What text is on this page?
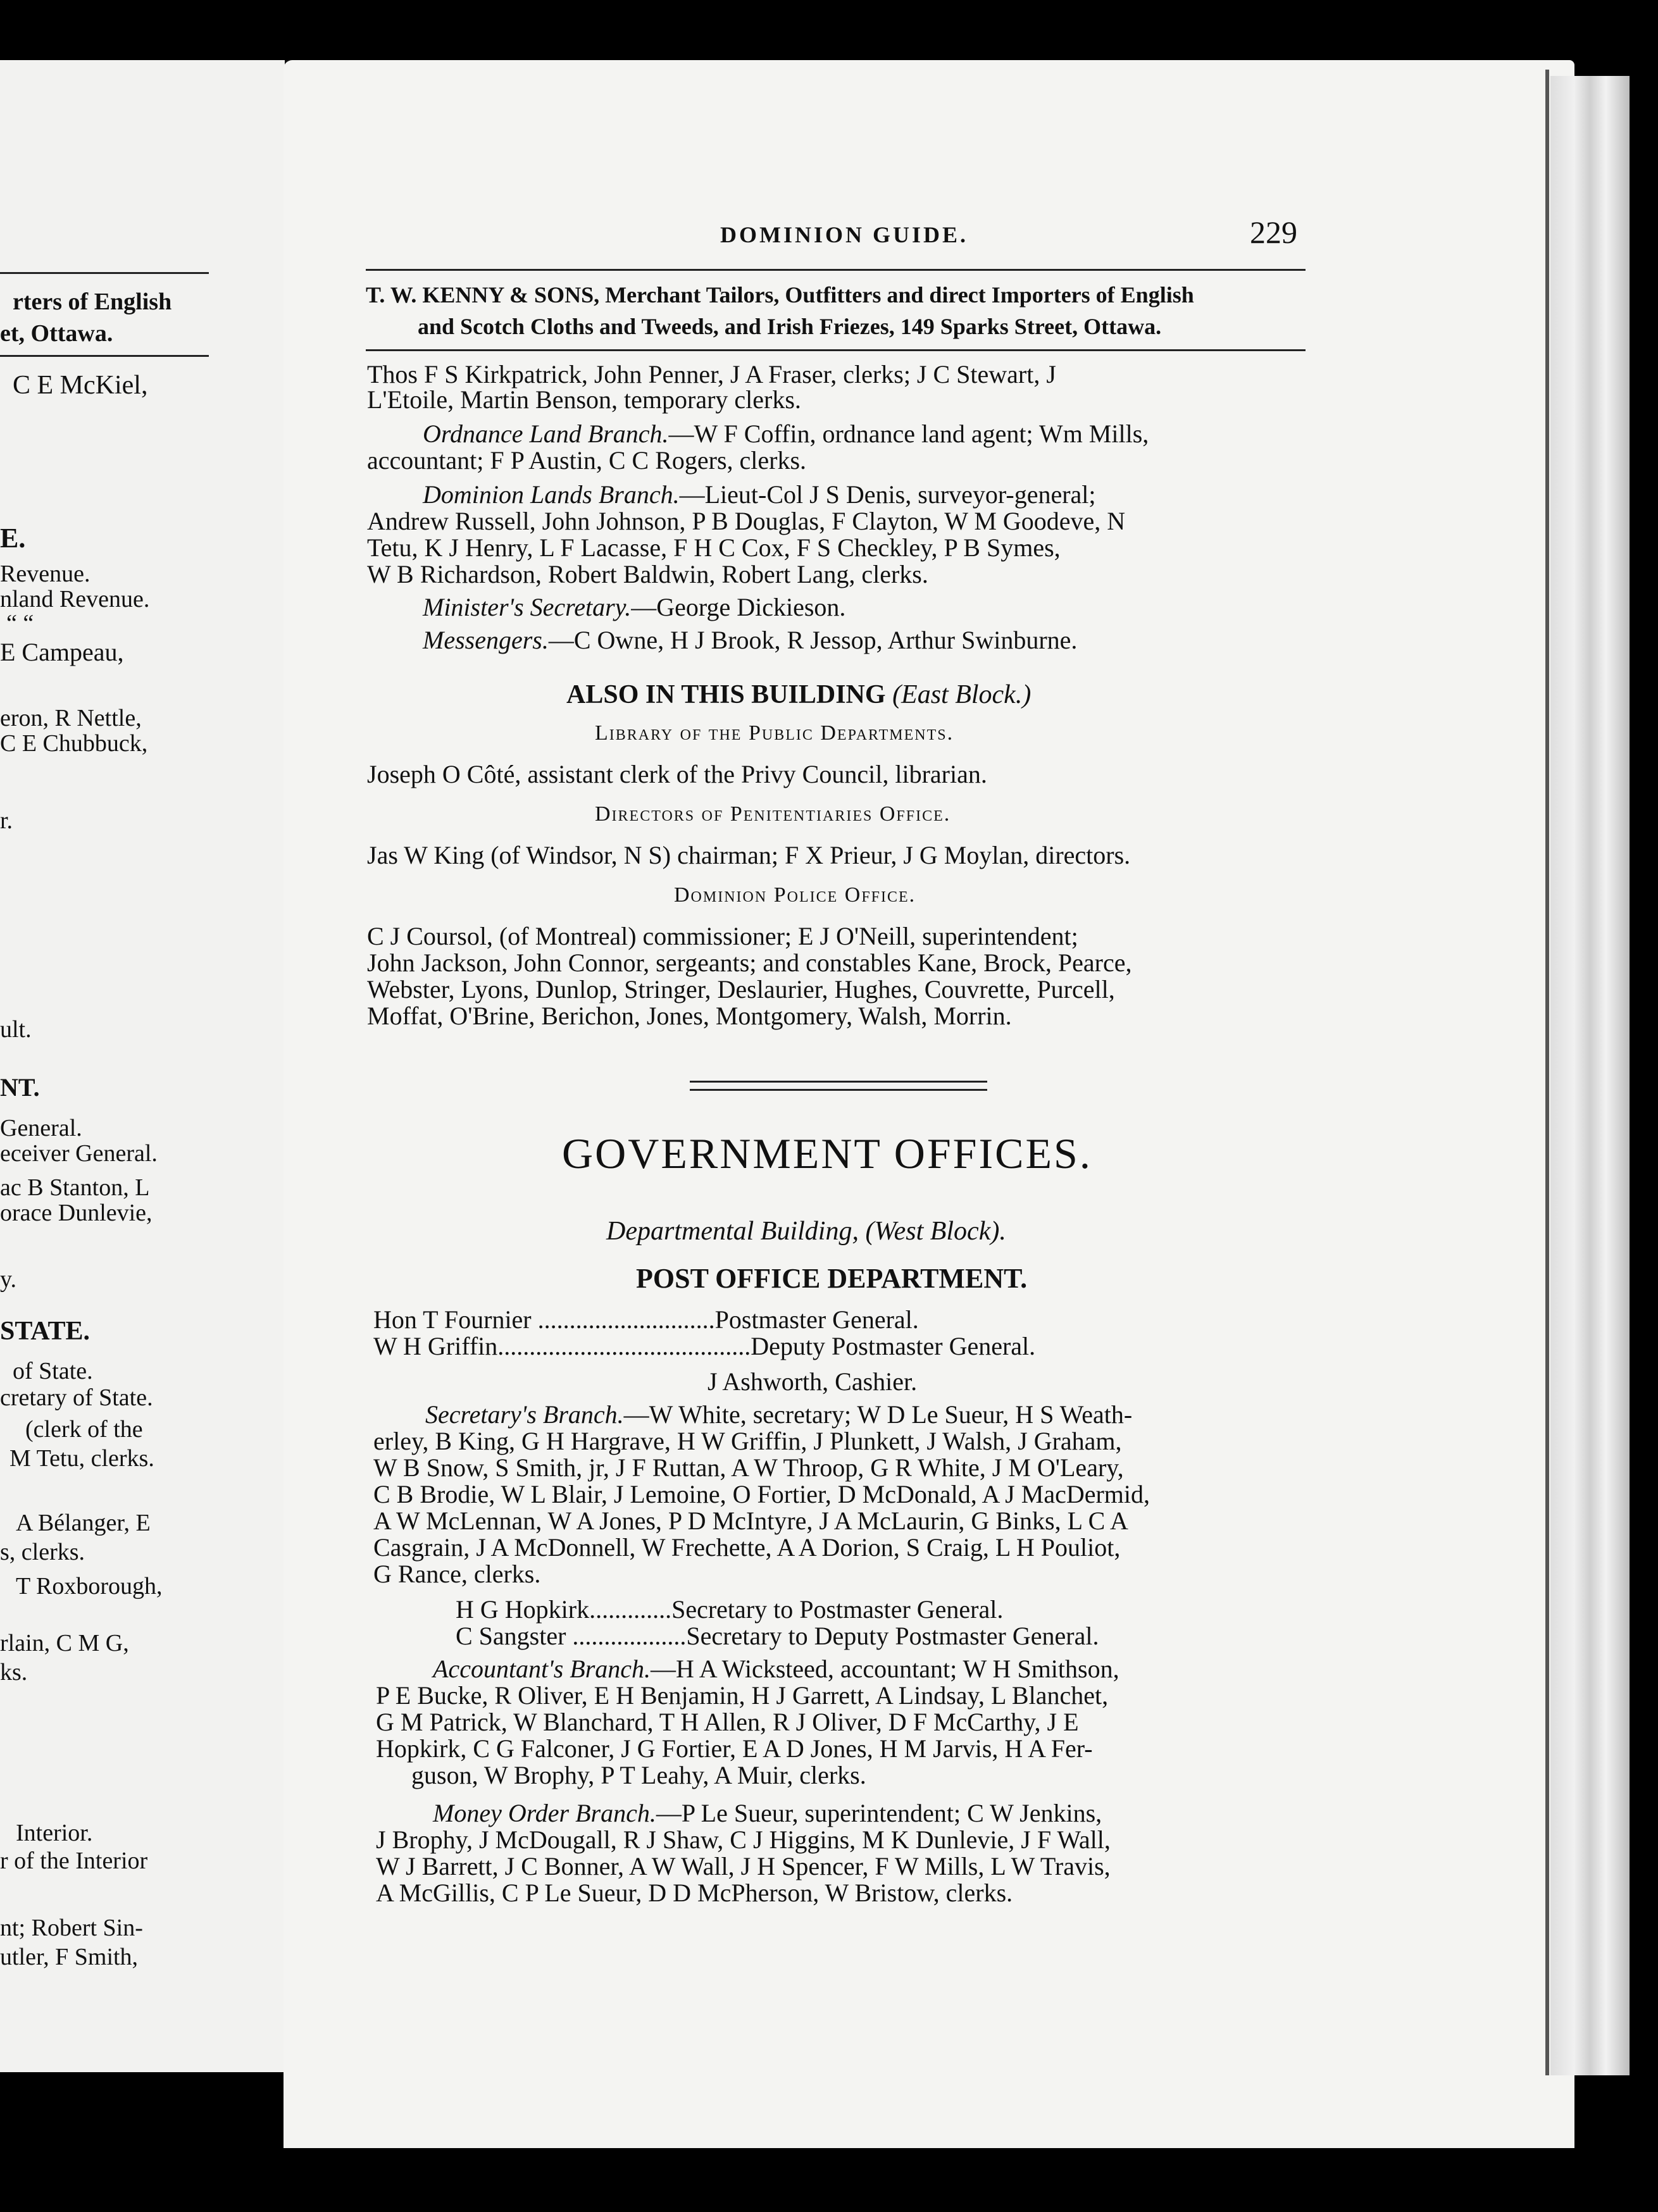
rters of English
et, Ottawa.
C E McKiel,
E.
Revenue.
nland Revenue.
“ “
E Campeau,
eron, R Nettle,
C E Chubbuck,
r.
ult.
NT.
General.
eceiver General.
ac B Stanton, L
orace Dunlevie,
y.
STATE.
of State.
cretary of State.
(clerk of the
M Tetu, clerks.
A Bélanger, E
s, clerks.
T Roxborough,
rlain, C M G,
ks.
Interior.
r of the Interior
nt; Robert Sin-
utler, F Smith,
DOMINION GUIDE.	229
T. W. KENNY & SONS, Merchant Tailors, Outfitters and direct Importers of English
and Scotch Cloths and Tweeds, and Irish Friezes, 149 Sparks Street, Ottawa.
Thos F S Kirkpatrick, John Penner, J A Fraser, clerks; J C Stewart, J
L'Etoile, Martin Benson, temporary clerks.
Ordnance Land Branch.—W F Coffin, ordnance land agent; Wm Mills,
accountant; F P Austin, C C Rogers, clerks.
Dominion Lands Branch.—Lieut-Col J S Denis, surveyor-general;
Andrew Russell, John Johnson, P B Douglas, F Clayton, W M Goodeve, N
Tetu, K J Henry, L F Lacasse, F H C Cox, F S Checkley, P B Symes,
W B Richardson, Robert Baldwin, Robert Lang, clerks.
Minister's Secretary.—George Dickieson.
Messengers.—C Owne, H J Brook, R Jessop, Arthur Swinburne.
ALSO IN THIS BUILDING (East Block.)
Library of the Public Departments.
Joseph O Côté, assistant clerk of the Privy Council, librarian.
Directors of Penitentiaries Office.
Jas W King (of Windsor, N S) chairman; F X Prieur, J G Moylan, directors.
Dominion Police Office.
C J Coursol, (of Montreal) commissioner; E J O'Neill, superintendent;
John Jackson, John Connor, sergeants; and constables Kane, Brock, Pearce,
Webster, Lyons, Dunlop, Stringer, Deslaurier, Hughes, Couvrette, Purcell,
Moffat, O'Brine, Berichon, Jones, Montgomery, Walsh, Morrin.
GOVERNMENT OFFICES.
Departmental Building, (West Block).
POST OFFICE DEPARTMENT.
Hon T Fournier ............................Postmaster General.
W H Griffin........................................Deputy Postmaster General.
J Ashworth, Cashier.
Secretary's Branch.—W White, secretary; W D Le Sueur, H S Weath-
erley, B King, G H Hargrave, H W Griffin, J Plunkett, J Walsh, J Graham,
W B Snow, S Smith, jr, J F Ruttan, A W Throop, G R White, J M O'Leary,
C B Brodie, W L Blair, J Lemoine, O Fortier, D McDonald, A J MacDermid,
A W McLennan, W A Jones, P D McIntyre, J A McLaurin, G Binks, L C A
Casgrain, J A McDonnell, W Frechette, A A Dorion, S Craig, L H Pouliot,
G Rance, clerks.
H G Hopkirk.............Secretary to Postmaster General.
C Sangster ..................Secretary to Deputy Postmaster General.
Accountant's Branch.—H A Wicksteed, accountant; W H Smithson,
P E Bucke, R Oliver, E H Benjamin, H J Garrett, A Lindsay, L Blanchet,
G M Patrick, W Blanchard, T H Allen, R J Oliver, D F McCarthy, J E
Hopkirk, C G Falconer, J G Fortier, E A D Jones, H M Jarvis, H A Fer-
guson, W Brophy, P T Leahy, A Muir, clerks.
Money Order Branch.—P Le Sueur, superintendent; C W Jenkins,
J Brophy, J McDougall, R J Shaw, C J Higgins, M K Dunlevie, J F Wall,
W J Barrett, J C Bonner, A W Wall, J H Spencer, F W Mills, L W Travis,
A McGillis, C P Le Sueur, D D McPherson, W Bristow, clerks.
